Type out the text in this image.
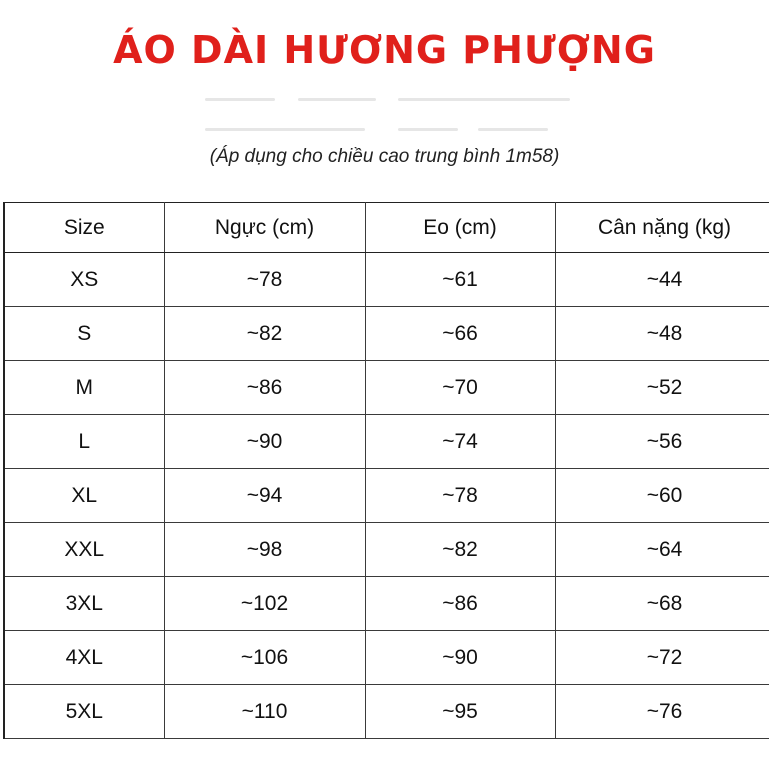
ÁO DÀI HƯƠNG PHƯỢNG

(Áp dụng cho chiều cao trung bình 1m58)

Size	Ngực (cm)	Eo (cm)	Cân nặng (kg)
XS	~78	~61	~44
S	~82	~66	~48
M	~86	~70	~52
L	~90	~74	~56
XL	~94	~78	~60
XXL	~98	~82	~64
3XL	~102	~86	~68
4XL	~106	~90	~72
5XL	~110	~95	~76
